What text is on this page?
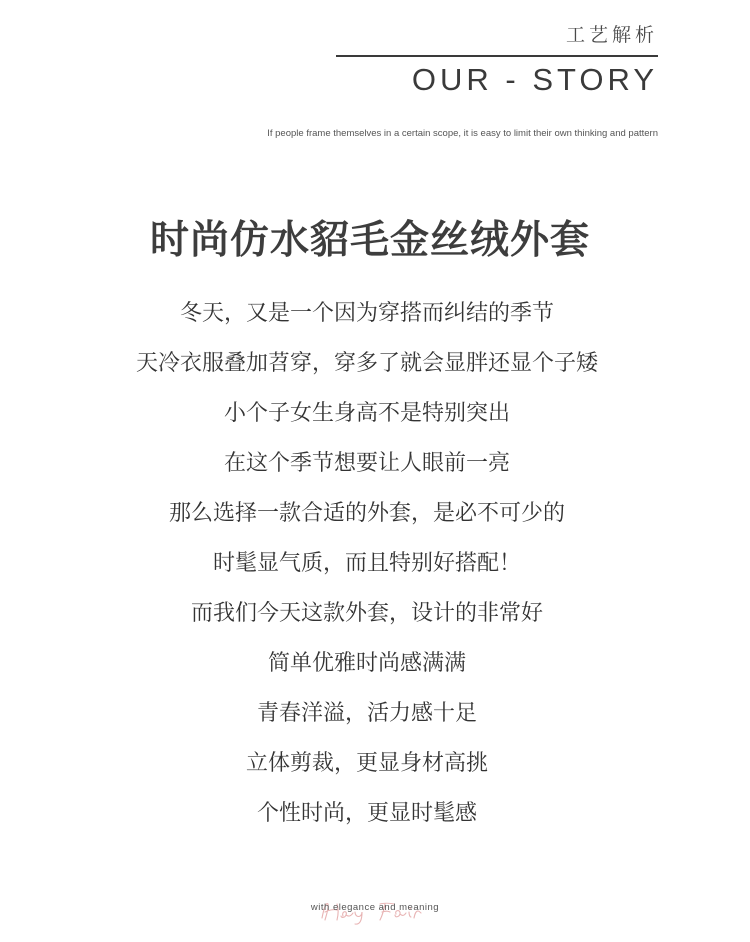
工艺解析
OUR - STORY
If people frame themselves in a certain scope, it is easy to limit their own thinking and pattern
时尚仿水貂毛金丝绒外套
冬天，又是一个因为穿搭而纠结的季节
天冷衣服叠加苕穿，穿多了就会显胖还显个子矮
小个子女生身高不是特别突出
在这个季节想要让人眼前一亮
那么选择一款合适的外套，是必不可少的
时髦显气质，而且特别好搭配！
而我们今天这款外套，设计的非常好
简单优雅时尚感满满
青春洋溢，活力感十足
立体剪裁，更显身材高挑
个性时尚，更显时髦感
with elegance and meaning
